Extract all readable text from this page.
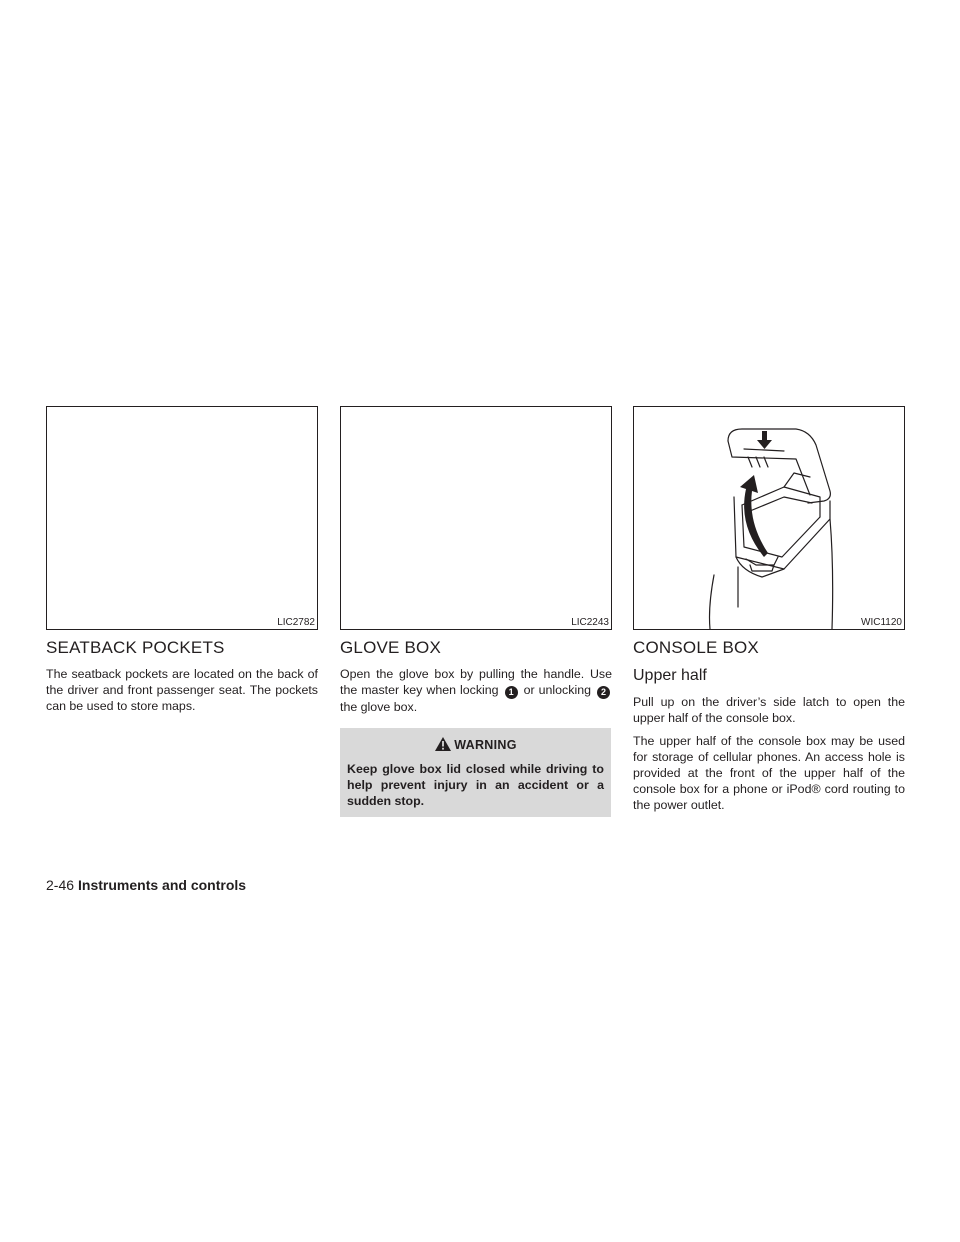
LIC2782
SEATBACK POCKETS

The seatback pockets are located on the back of the driver and front passenger seat. The pockets can be used to store maps.

LIC2243
GLOVE BOX

Open the glove box by pulling the handle. Use the master key when locking 1 or unlocking 2 the glove box.

WARNING
Keep glove box lid closed while driving to help prevent injury in an accident or a sudden stop.
WIC1120
CONSOLE BOX
Upper half

Pull up on the driver’s side latch to open the upper half of the console box.

The upper half of the console box may be used for storage of cellular phones. An access hole is provided at the front of the upper half of the console box for a phone or iPod® cord routing to the power outlet.

2-46 Instruments and controls
